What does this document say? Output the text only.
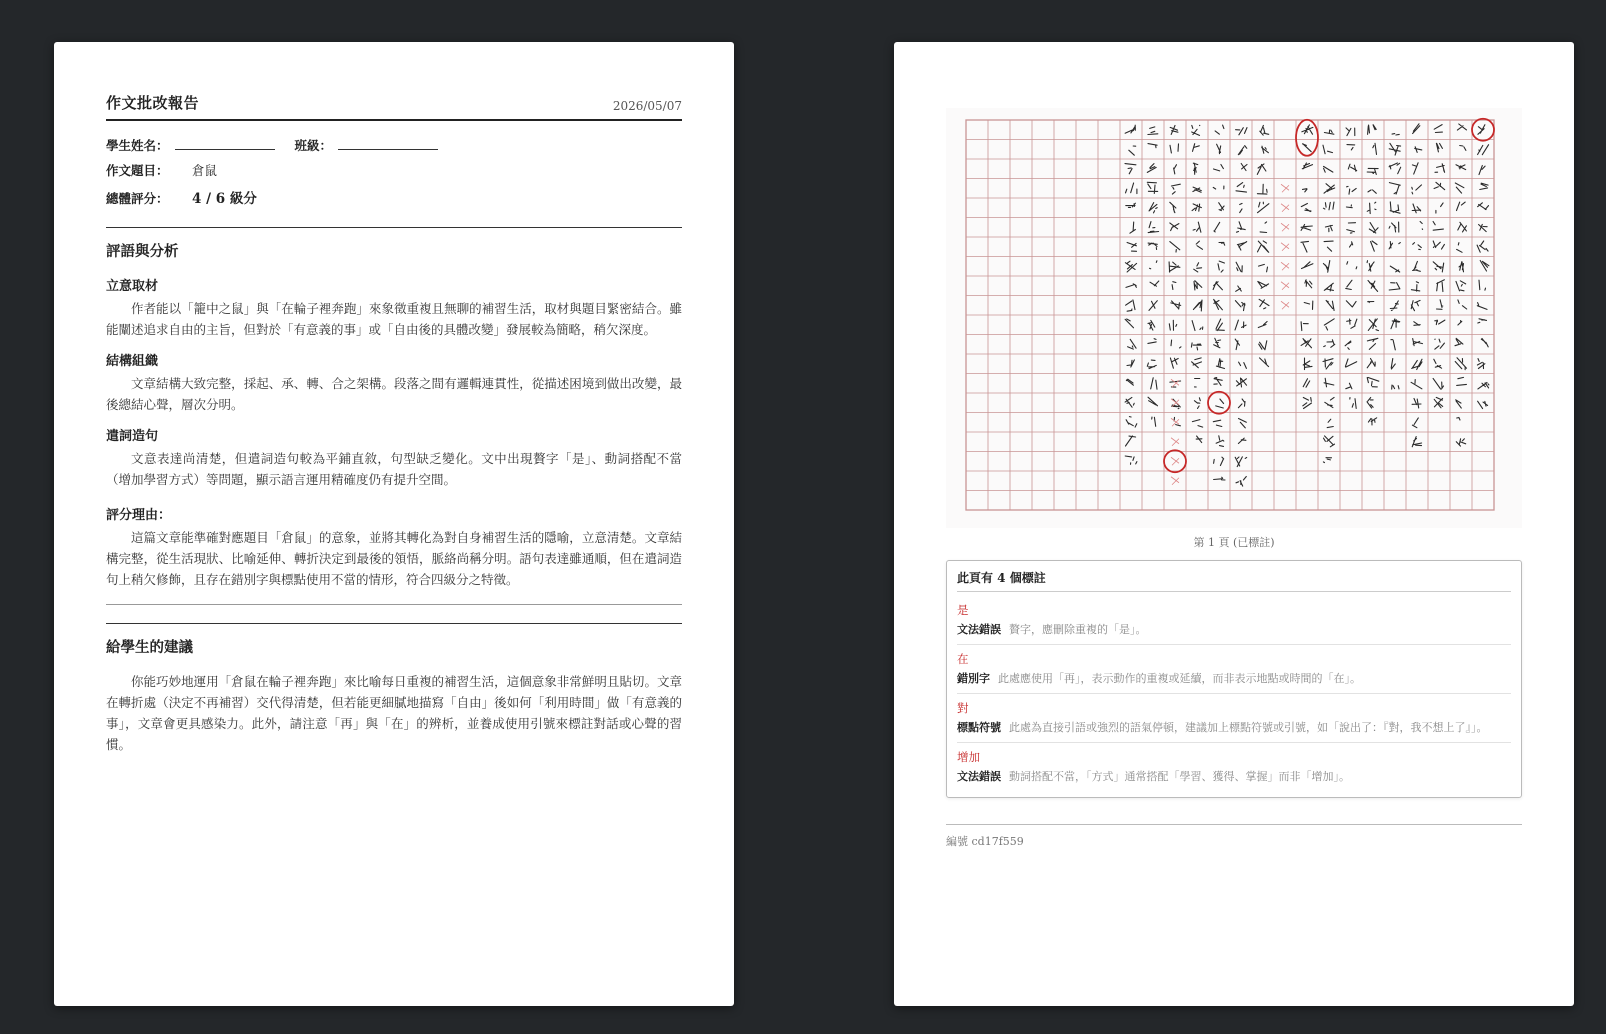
作文批改報告	2026/05/07
學生姓名：	班級：
作文題目：	倉鼠
總體評分：	4 / 6 級分
評語與分析
立意取材

作者能以「籠中之鼠」與「在輪子裡奔跑」來象徵重複且無聊的補習生活，取材與題目緊密結合。雖能闡述追求自由的主旨，但對於「有意義的事」或「自由後的具體改變」發展較為簡略，稍欠深度。

結構組織

文章結構大致完整，採起、承、轉、合之架構。段落之間有邏輯連貫性，從描述困境到做出改變，最後總結心聲，層次分明。

遣詞造句

文意表達尚清楚，但遣詞造句較為平鋪直敘，句型缺乏變化。文中出現贅字「是」、動詞搭配不當（增加學習方式）等問題，顯示語言運用精確度仍有提升空間。

評分理由：

這篇文章能準確對應題目「倉鼠」的意象，並將其轉化為對自身補習生活的隱喻，立意清楚。文章結構完整，從生活現狀、比喻延伸、轉折決定到最後的領悟，脈絡尚稱分明。語句表達雖通順，但在遣詞造句上稍欠修飾，且存在錯別字與標點使用不當的情形，符合四級分之特徵。

給學生的建議

你能巧妙地運用「倉鼠在輪子裡奔跑」來比喻每日重複的補習生活，這個意象非常鮮明且貼切。文章在轉折處（決定不再補習）交代得清楚，但若能更細膩地描寫「自由」後如何「利用時間」做「有意義的事」，文章會更具感染力。此外，請注意「再」與「在」的辨析，並養成使用引號來標註對話或心聲的習慣。

第 1 頁 (已標註)
此頁有 4 個標註
是
文法錯誤 贅字，應刪除重複的「是」。
在
錯別字 此處應使用「再」，表示動作的重複或延續，而非表示地點或時間的「在」。
對
標點符號 此處為直接引語或強烈的語氣停頓，建議加上標點符號或引號，如「說出了：『對，我不想上了』」。
增加
文法錯誤 動詞搭配不當，「方式」通常搭配「學習、獲得、掌握」而非「增加」。
編號 cd17f559
